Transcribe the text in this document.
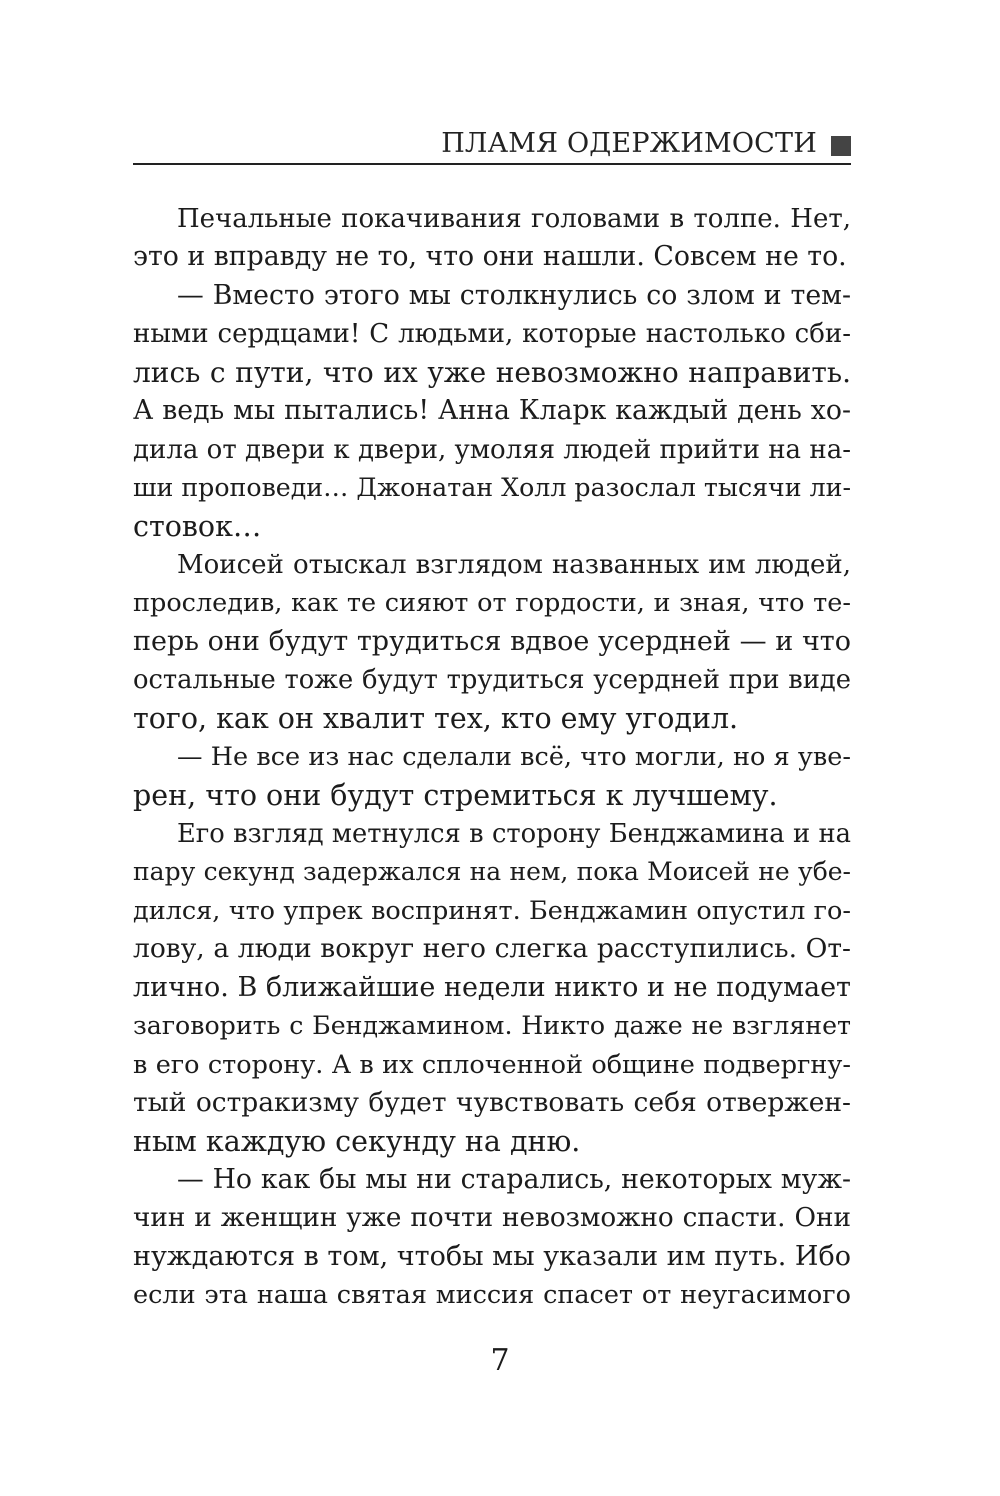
ПЛАМЯ ОДЕРЖИМОСТИ
Печальные покачивания головами в толпе. Нет,
это и вправду не то, что они нашли. Совсем не то.
— Вместо этого мы столкнулись со злом и тем-
ными сердцами! С людьми, которые настолько сби-
лись с пути, что их уже невозможно направить.
А ведь мы пытались! Анна Кларк каждый день хо-
дила от двери к двери, умоляя людей прийти на на-
ши проповеди… Джонатан Холл разослал тысячи ли-
стовок…
Моисей отыскал взглядом названных им людей,
проследив, как те сияют от гордости, и зная, что те-
перь они будут трудиться вдвое усердней — и что
остальные тоже будут трудиться усердней при виде
того, как он хвалит тех, кто ему угодил.
— Не все из нас сделали всё, что могли, но я уве-
рен, что они будут стремиться к лучшему.
Его взгляд метнулся в сторону Бенджамина и на
пару секунд задержался на нем, пока Моисей не убе-
дился, что упрек воспринят. Бенджамин опустил го-
лову, а люди вокруг него слегка расступились. От-
лично. В ближайшие недели никто и не подумает
заговорить с Бенджамином. Никто даже не взглянет
в его сторону. А в их сплоченной общине подвергну-
тый остракизму будет чувствовать себя отвержен-
ным каждую секунду на дню.
— Но как бы мы ни старались, некоторых муж-
чин и женщин уже почти невозможно спасти. Они
нуждаются в том, чтобы мы указали им путь. Ибо
если эта наша святая миссия спасет от неугасимого
7
